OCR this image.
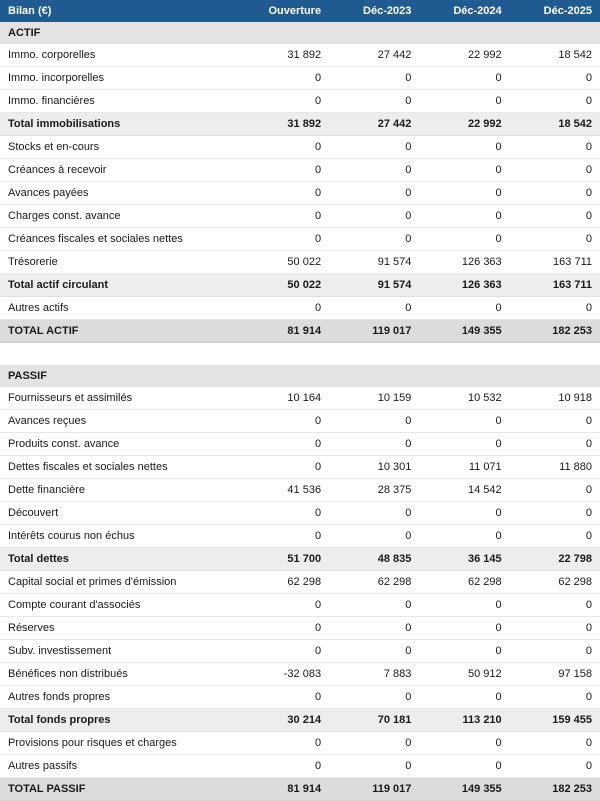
Bilan (€)	Ouverture	Déc-2023	Déc-2024	Déc-2025
ACTIF				
Immo. corporelles	31 892	27 442	22 992	18 542
Immo. incorporelles	0	0	0	0
Immo. financières	0	0	0	0
Total immobilisations	31 892	27 442	22 992	18 542
Stocks et en-cours	0	0	0	0
Créances à recevoir	0	0	0	0
Avances payées	0	0	0	0
Charges const. avance	0	0	0	0
Créances fiscales et sociales nettes	0	0	0	0
Trésorerie	50 022	91 574	126 363	163 711
Total actif circulant	50 022	91 574	126 363	163 711
Autres actifs	0	0	0	0
TOTAL ACTIF	81 914	119 017	149 355	182 253

PASSIF				
Fournisseurs et assimilés	10 164	10 159	10 532	10 918
Avances reçues	0	0	0	0
Produits const. avance	0	0	0	0
Dettes fiscales et sociales nettes	0	10 301	11 071	11 880
Dette financière	41 536	28 375	14 542	0
Découvert	0	0	0	0
Intérêts courus non échus	0	0	0	0
Total dettes	51 700	48 835	36 145	22 798
Capital social et primes d'émission	62 298	62 298	62 298	62 298
Compte courant d'associés	0	0	0	0
Réserves	0	0	0	0
Subv. investissement	0	0	0	0
Bénéfices non distribués	-32 083	7 883	50 912	97 158
Autres fonds propres	0	0	0	0
Total fonds propres	30 214	70 181	113 210	159 455
Provisions pour risques et charges	0	0	0	0
Autres passifs	0	0	0	0
TOTAL PASSIF	81 914	119 017	149 355	182 253
